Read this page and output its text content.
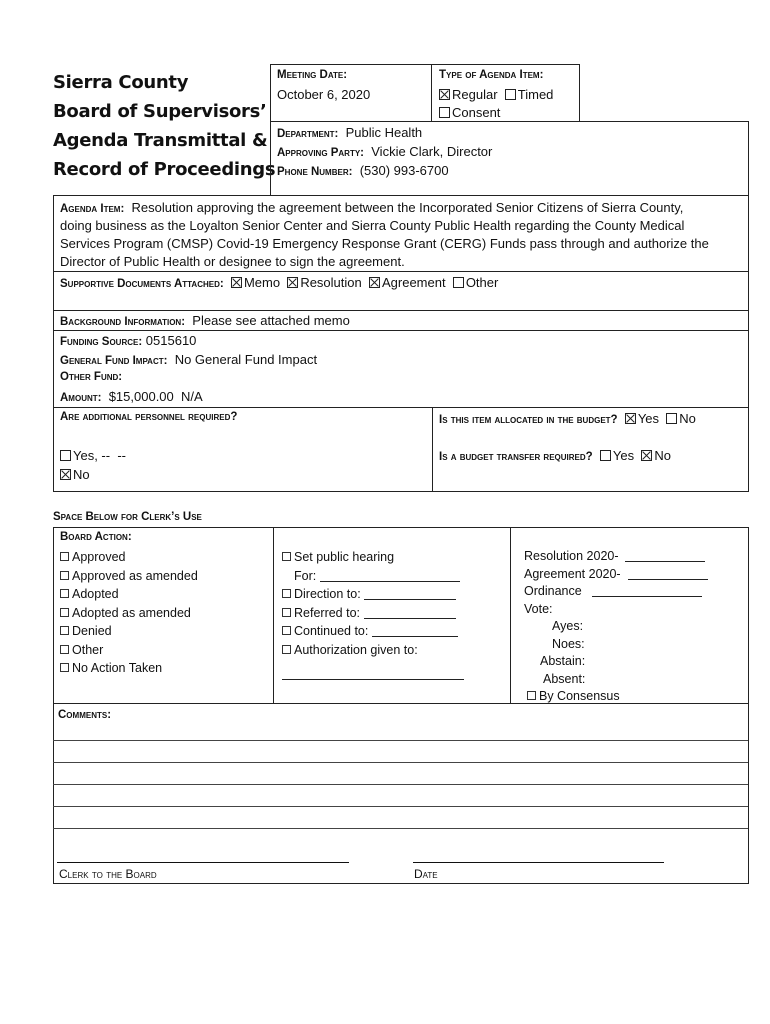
Sierra County
Board of Supervisors’
Agenda Transmittal &
Record of Proceedings
Meeting Date:
October 6, 2020
Type of Agenda Item:
Regular Timed
Consent
Department: Public Health
Approving Party: Vickie Clark, Director
Phone Number: (530) 993-6700
Agenda Item: Resolution approving the agreement between the Incorporated Senior Citizens of Sierra County,
doing business as the Loyalton Senior Center and Sierra County Public Health regarding the County Medical
Services Program (CMSP) Covid-19 Emergency Response Grant (CERG) Funds pass through and authorize the
Director of Public Health or designee to sign the agreement.
Supportive Documents Attached: Memo Resolution Agreement Other
Background Information: Please see attached memo
Funding Source: 0515610
General Fund Impact: No General Fund Impact
Other Fund:
Amount: $15,000.00  N/A
Are additional personnel required?
Yes, --  --
No
Is this item allocated in the budget? Yes No
Is a budget transfer required? Yes No
Space Below for Clerk’s Use
Board Action:
Approved
Approved as amended
Adopted
Adopted as amended
Denied
Other
No Action Taken
Set public hearing
For:
Direction to:
Referred to:
Continued to:
Authorization given to:
Resolution 2020-
Agreement 2020-
Ordinance
Vote:
Ayes:
Noes:
Abstain:
Absent:
By Consensus
Comments:
Clerk to the Board	Date
